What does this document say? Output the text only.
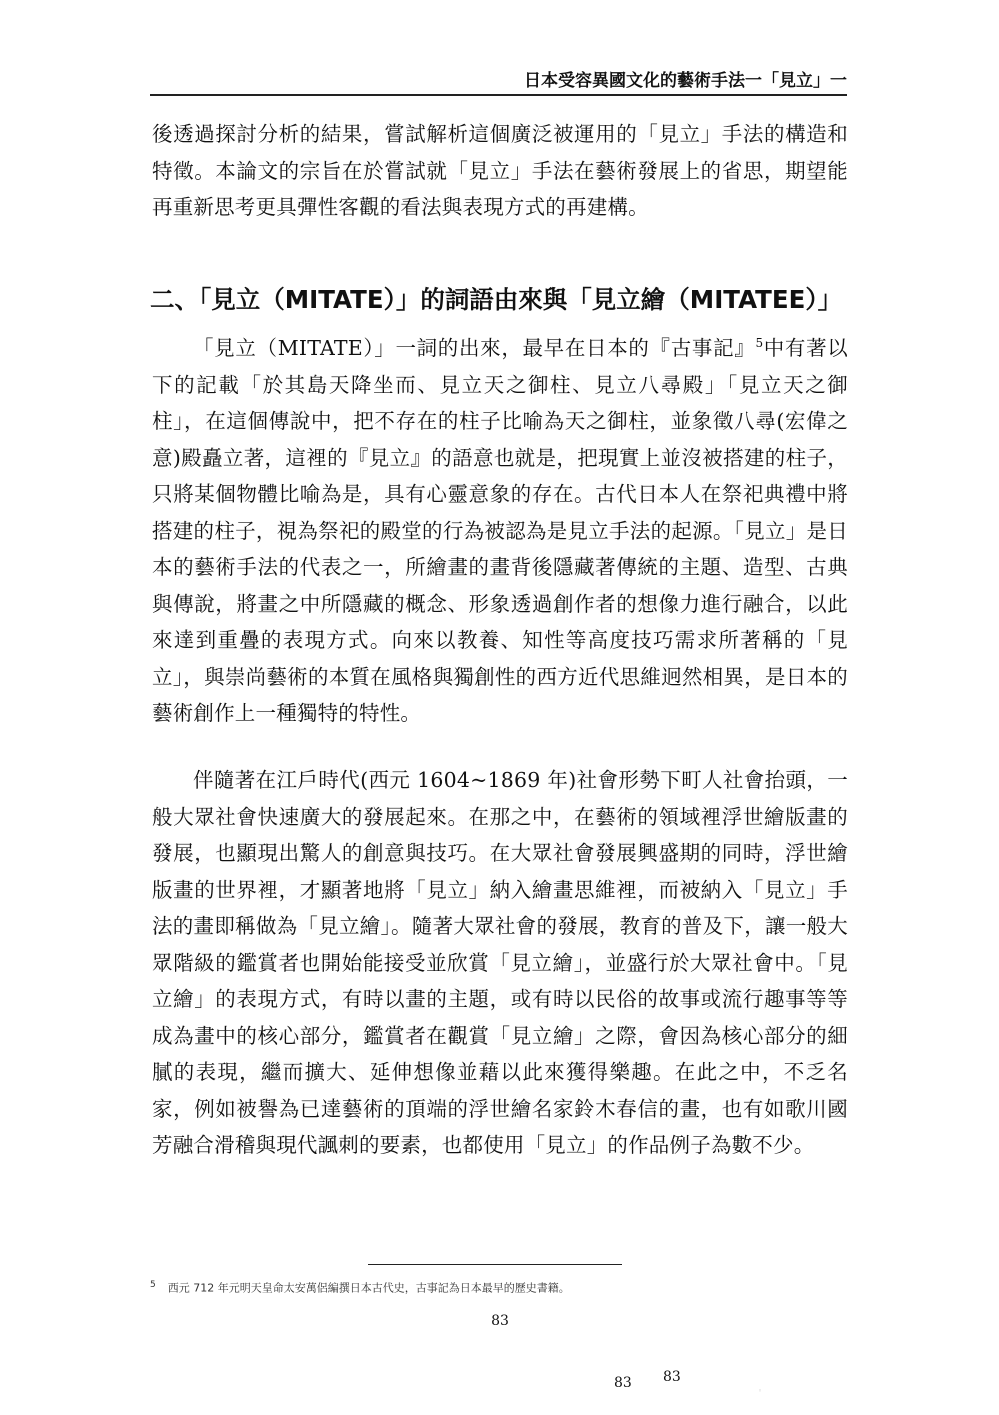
日本受容異國文化的藝術手法一「見立」一

後透過探討分析的結果，嘗試解析這個廣泛被運用的「見立」手法的構造和特徵。本論文的宗旨在於嘗試就「見立」手法在藝術發展上的省思，期望能再重新思考更具彈性客觀的看法與表現方式的再建構。

二、「見立（MITATE）」的詞語由來與「見立繪（MITATEE）」

「見立（MITATE）」一詞的出來，最早在日本的『古事記』$^5$中有著以下的記載「於其島天降坐而、見立天之御柱、見立八尋殿」「見立天之御柱」，在這個傳說中，把不存在的柱子比喻為天之御柱，並象徵八尋(宏偉之意)殿矗立著，這裡的『見立』的語意也就是，把現實上並沒被搭建的柱子，只將某個物體比喻為是，具有心靈意象的存在。古代日本人在祭祀典禮中將搭建的柱子，視為祭祀的殿堂的行為被認為是見立手法的起源。「見立」是日本的藝術手法的代表之一，所繪畫的畫背後隱藏著傳統的主題、造型、古典與傳說，將畫之中所隱藏的概念、形象透過創作者的想像力進行融合，以此來達到重疊的表現方式。向來以教養、知性等高度技巧需求所著稱的「見立」，與崇尚藝術的本質在風格與獨創性的西方近代思維迥然相異，是日本的藝術創作上一種獨特的特性。

伴隨著在江戶時代(西元 1604~1869 年)社會形勢下町人社會抬頭，一般大眾社會快速廣大的發展起來。在那之中，在藝術的領域裡浮世繪版畫的發展，也顯現出驚人的創意與技巧。在大眾社會發展興盛期的同時，浮世繪版畫的世界裡，才顯著地將「見立」納入繪畫思維裡，而被納入「見立」手法的畫即稱做為「見立繪」。隨著大眾社會的發展，教育的普及下，讓一般大眾階級的鑑賞者也開始能接受並欣賞「見立繪」，並盛行於大眾社會中。「見立繪」的表現方式，有時以畫的主題，或有時以民俗的故事或流行趣事等等成為畫中的核心部分，鑑賞者在觀賞「見立繪」之際，會因為核心部分的細膩的表現，繼而擴大、延伸想像並藉以此來獲得樂趣。在此之中，不乏名家，例如被譽為已達藝術的頂端的浮世繪名家鈴木春信的畫，也有如歌川國芳融合滑稽與現代諷刺的要素，也都使用「見立」的作品例子為數不少。

$^5$ 西元 712 年元明天皇命太安萬侶編撰日本古代史，古事記為日本最早的歷史書籍。
83
83 83
◦
